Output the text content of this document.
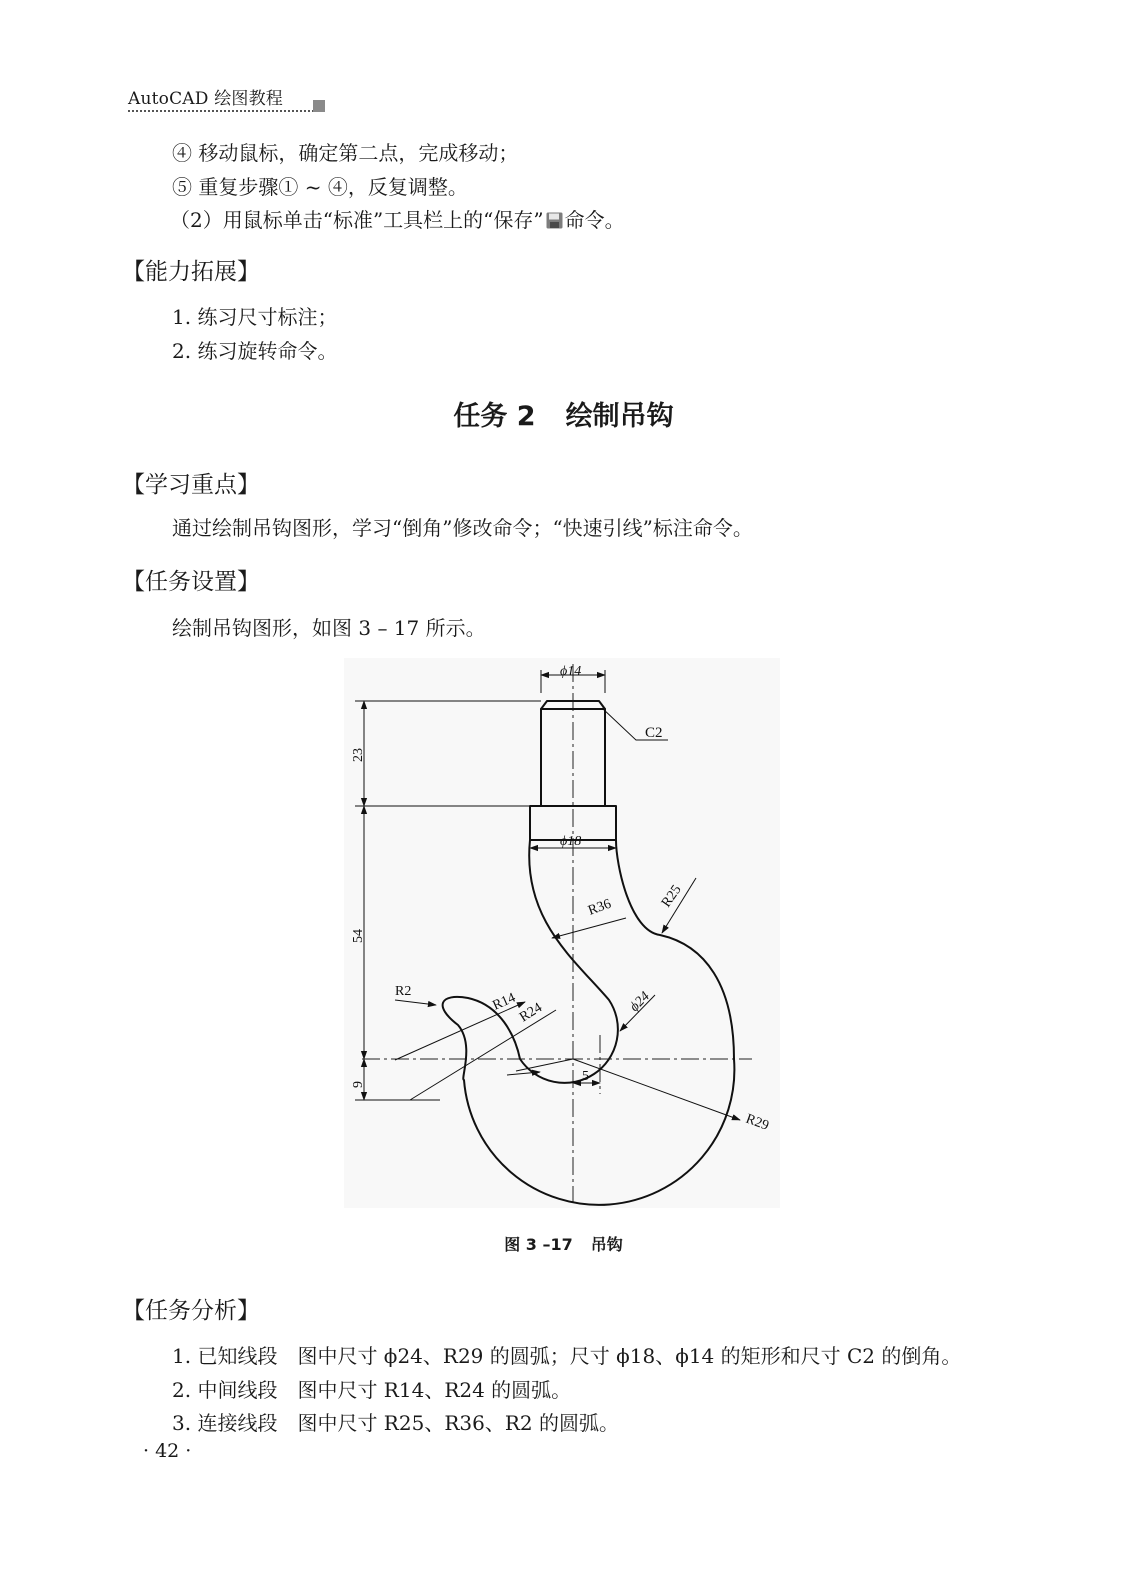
AutoCAD 绘图教程
④ 移动鼠标，确定第二点，完成移动；
⑤ 重复步骤① ~ ④，反复调整。
（2）用鼠标单击“标准”工具栏上的“保存” 命令。
【能力拓展】
1. 练习尺寸标注；
2. 练习旋转命令。
任务 2 绘制吊钩
【学习重点】
通过绘制吊钩图形，学习“倒角”修改命令；“快速引线”标注命令。
【任务设置】
绘制吊钩图形，如图 3 – 17 所示。
ϕ14
C2
23
ϕ18
R36	R25
54
R2	R14 R24	ϕ24
5
9
R29
图 3 –17 吊钩
【任务分析】
1. 已知线段 图中尺寸 ϕ24、R29 的圆弧；尺寸 ϕ18、ϕ14 的矩形和尺寸 C2 的倒角。
2. 中间线段 图中尺寸 R14、R24 的圆弧。
3. 连接线段 图中尺寸 R25、R36、R2 的圆弧。
· 42 ·
